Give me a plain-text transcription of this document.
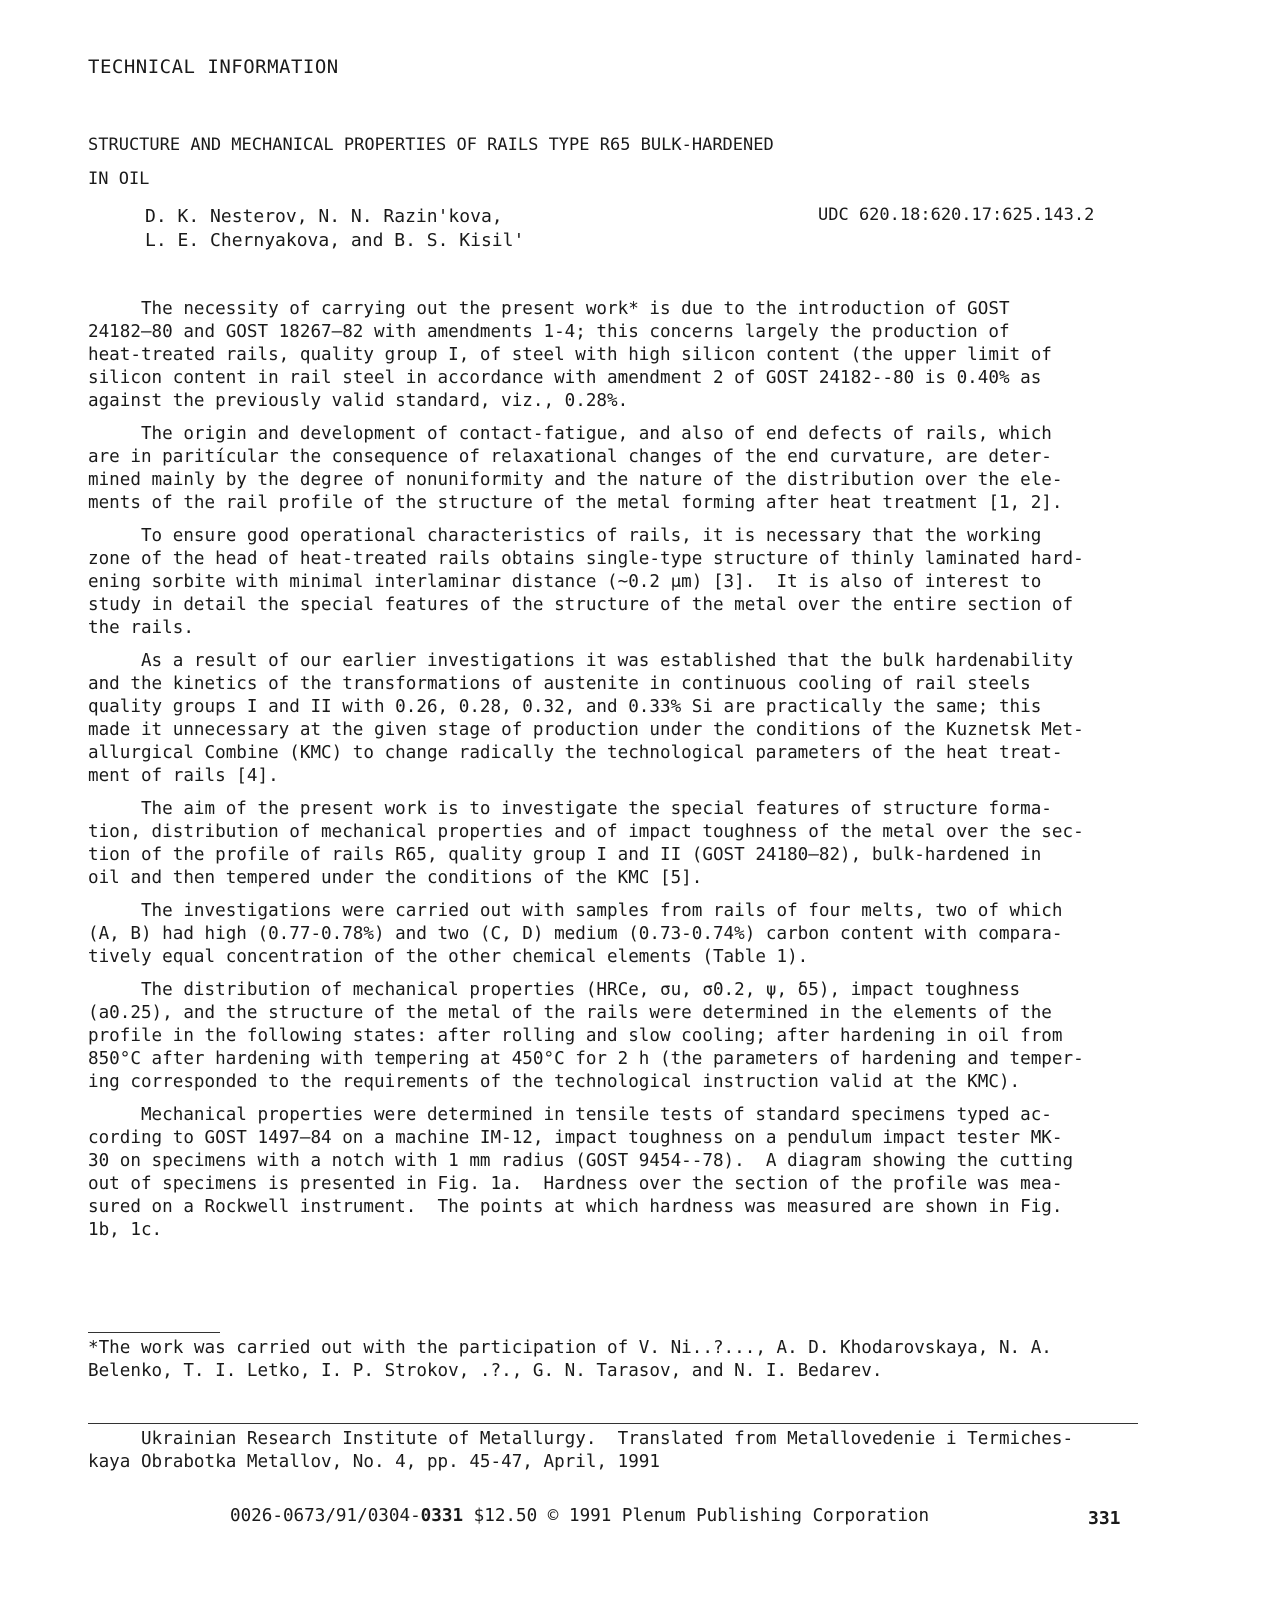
TECHNICAL INFORMATION
STRUCTURE AND MECHANICAL PROPERTIES OF RAILS TYPE R65 BULK-HARDENED
IN OIL
D. K. Nesterov, N. N. Razin'kova,
L. E. Chernyakova, and B. S. Kisil'
UDC 620.18:620.17:625.143.2
The necessity of carrying out the present work* is due to the introduction of GOST
24182—80 and GOST 18267—82 with amendments 1-4; this concerns largely the production of
heat-treated rails, quality group I, of steel with high silicon content (the upper limit of
silicon content in rail steel in accordance with amendment 2 of GOST 24182--80 is 0.40% as
against the previously valid standard, viz., 0.28%.
The origin and development of contact-fatigue, and also of end defects of rails, which
are in paritícular the consequence of relaxational changes of the end curvature, are deter-
mined mainly by the degree of nonuniformity and the nature of the distribution over the ele-
ments of the rail profile of the structure of the metal forming after heat treatment [1, 2].
To ensure good operational characteristics of rails, it is necessary that the working
zone of the head of heat-treated rails obtains single-type structure of thinly laminated hard-
ening sorbite with minimal interlaminar distance (~0.2 μm) [3].  It is also of interest to
study in detail the special features of the structure of the metal over the entire section of
the rails.
As a result of our earlier investigations it was established that the bulk hardenability
and the kinetics of the transformations of austenite in continuous cooling of rail steels
quality groups I and II with 0.26, 0.28, 0.32, and 0.33% Si are practically the same; this
made it unnecessary at the given stage of production under the conditions of the Kuznetsk Met-
allurgical Combine (KMC) to change radically the technological parameters of the heat treat-
ment of rails [4].
The aim of the present work is to investigate the special features of structure forma-
tion, distribution of mechanical properties and of impact toughness of the metal over the sec-
tion of the profile of rails R65, quality group I and II (GOST 24180—82), bulk-hardened in
oil and then tempered under the conditions of the KMC [5].
The investigations were carried out with samples from rails of four melts, two of which
(A, B) had high (0.77-0.78%) and two (C, D) medium (0.73-0.74%) carbon content with compara-
tively equal concentration of the other chemical elements (Table 1).
The distribution of mechanical properties (HRCe, σu, σ0.2, ψ, δ5), impact toughness
(a0.25), and the structure of the metal of the rails were determined in the elements of the
profile in the following states: after rolling and slow cooling; after hardening in oil from
850°C after hardening with tempering at 450°C for 2 h (the parameters of hardening and temper-
ing corresponded to the requirements of the technological instruction valid at the KMC).
Mechanical properties were determined in tensile tests of standard specimens typed ac-
cording to GOST 1497—84 on a machine IM-12, impact toughness on a pendulum impact tester MK-
30 on specimens with a notch with 1 mm radius (GOST 9454--78).  A diagram showing the cutting
out of specimens is presented in Fig. 1a.  Hardness over the section of the profile was mea-
sured on a Rockwell instrument.  The points at which hardness was measured are shown in Fig.
1b, 1c.
*The work was carried out with the participation of V. Ni..?..., A. D. Khodarovskaya, N. A.
Belenko, T. I. Letko, I. P. Strokov, .?., G. N. Tarasov, and N. I. Bedarev.
Ukrainian Research Institute of Metallurgy.  Translated from Metallovedenie i Termiches-
kaya Obrabotka Metallov, No. 4, pp. 45-47, April, 1991
0026-0673/91/0304-0331 $12.50 © 1991 Plenum Publishing Corporation	331
